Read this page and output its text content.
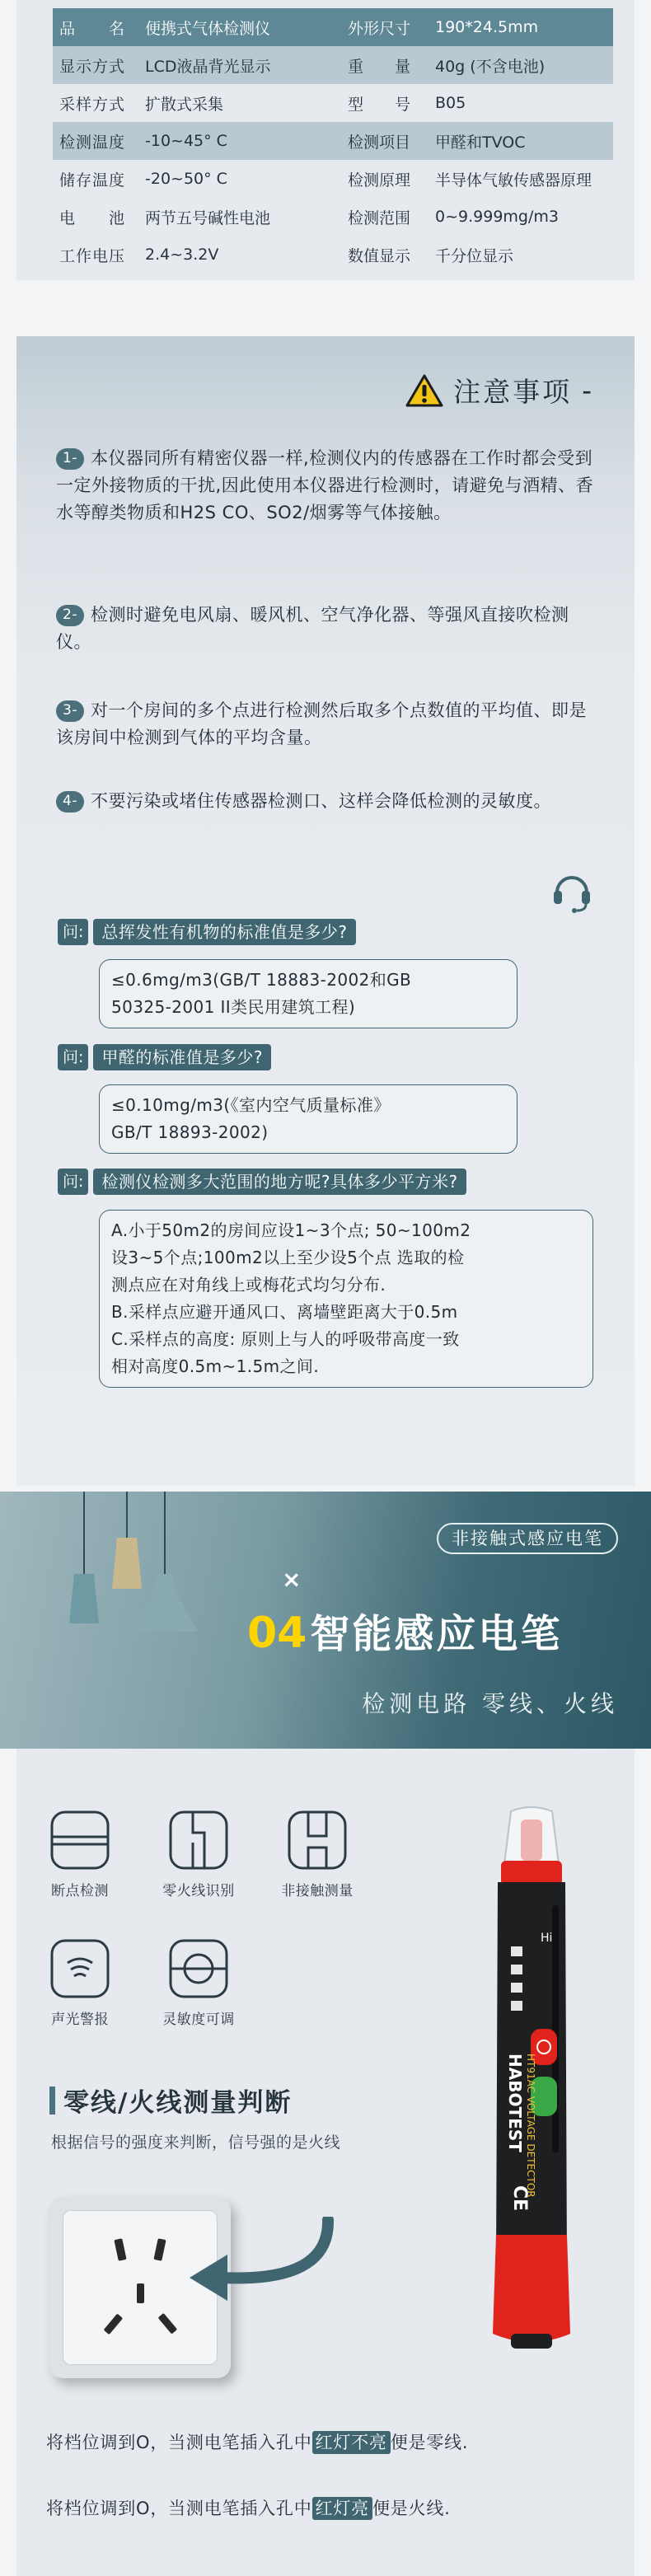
品　　名	便携式气体检测仪	外形尺寸	190*24.5mm
显示方式	LCD液晶背光显示	重　　量	40g (不含电池)
采样方式	扩散式采集	型　　号	B05
检测温度	-10~45° C	检测项目	甲醛和TVOC
储存温度	-20~50° C	检测原理	半导体气敏传感器原理
电　　池	两节五号碱性电池	检测范围	0~9.999mg/m3
工作电压	2.4~3.2V	数值显示	千分位显示
注意事项 -
1- 本仪器同所有精密仪器一样,检测仪内的传感器在工作时都会受到一定外接物质的干扰,因此使用本仪器进行检测时，请避免与酒精、香水等醇类物质和H2S CO、SO2/烟雾等气体接触。
2- 检测时避免电风扇、暖风机、空气净化器、等强风直接吹检测仪。
3- 对一个房间的多个点进行检测然后取多个点数值的平均值、即是该房间中检测到气体的平均含量。
4- 不要污染或堵住传感器检测口、这样会降低检测的灵敏度。
问:	总挥发性有机物的标准值是多少?
≤0.6mg/m3(GB/T 18883-2002和GB
50325-2001 II类民用建筑工程)
问:	甲醛的标准值是多少?
≤0.10mg/m3(《室内空气质量标准》
GB/T 18893-2002)
问:	检测仪检测多大范围的地方呢?具体多少平方米?
A.小于50m2的房间应设1~3个点; 50~100m2
设3~5个点;100m2以上至少设5个点 选取的检
测点应在对角线上或梅花式均匀分布.
B.采样点应避开通风口、离墙壁距离大于0.5m
C.采样点的高度: 原则上与人的呼吸带高度一致
相对高度0.5m~1.5m之间.
非接触式感应电笔
×
04 智能感应电笔
检测电路 零线、火线
断点检测	零火线识别	非接触测量
声光警报	灵敏度可调
零线/火线测量判断
根据信号的强度来判断，信号强的是火线
Hi
HABOTEST HT91AC VOLTAGE DETECTOR
CE
将档位调到O，当测电笔插入孔中 红灯不亮 便是零线.
将档位调到O，当测电笔插入孔中 红灯亮 便是火线.
